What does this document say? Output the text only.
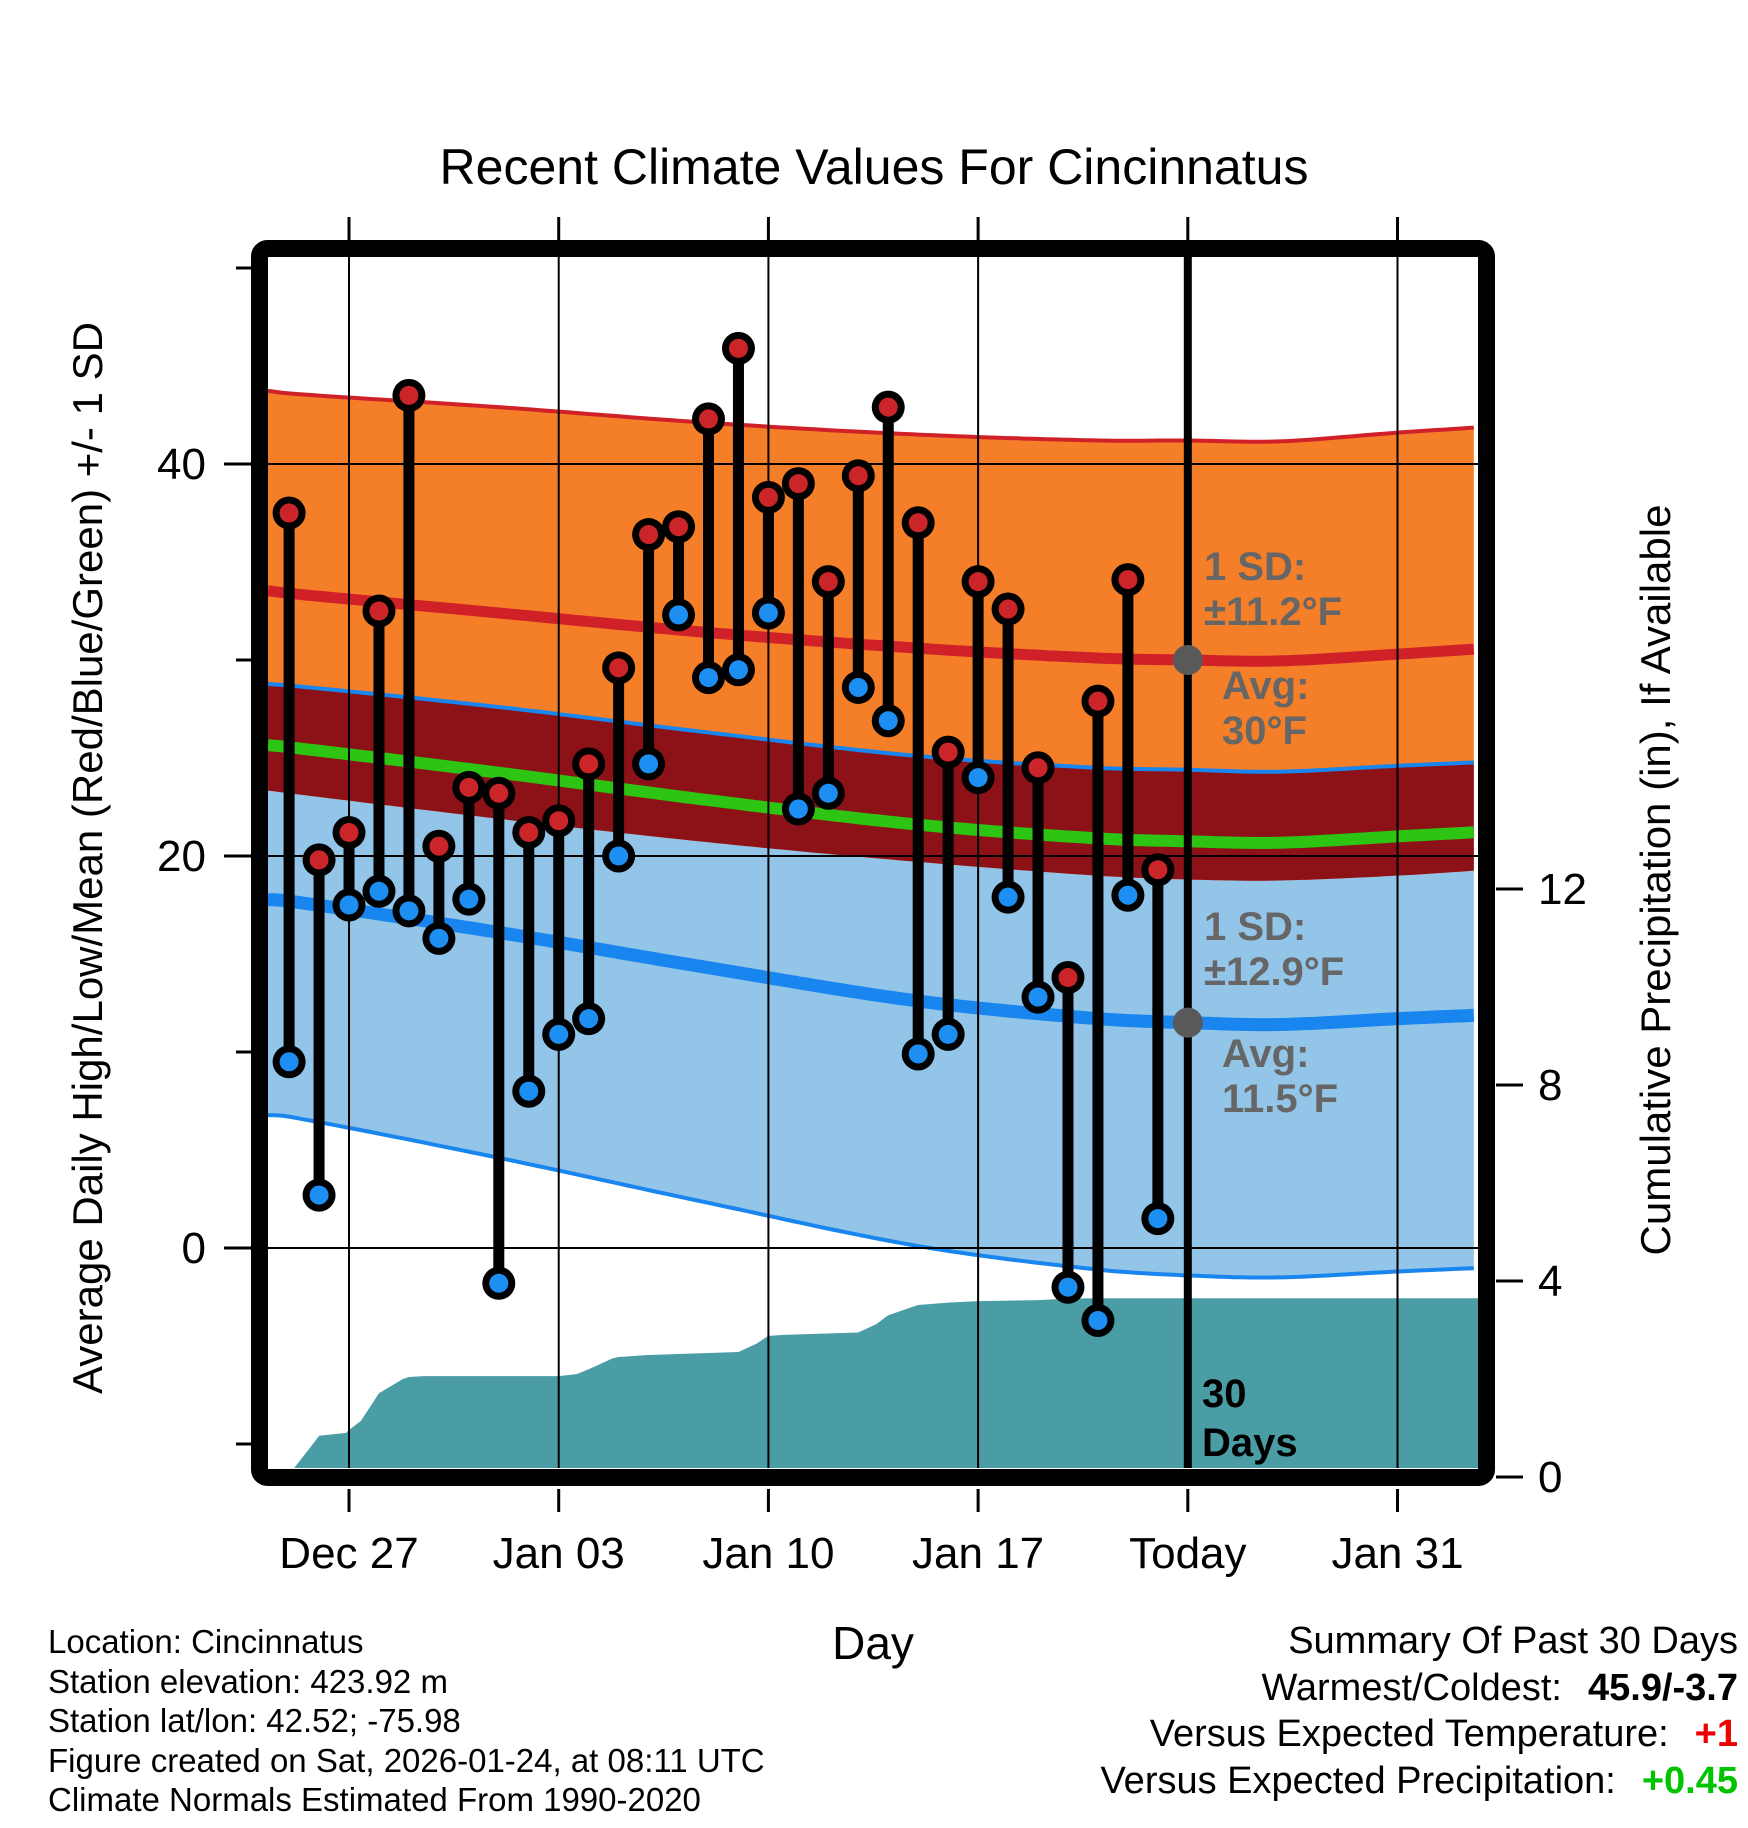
0
20
40
0
4
8
12
Dec 27 Jan 03 Jan 10 Jan 17 Today Jan 31
Recent Climate Values For Cincinnatus
Average Daily High/Low/Mean (Red/Blue/Green) +/- 1 SD	Cumulative Precipitation (in), If Available
Day
1 SD:
±11.2°F
Avg:
30°F
1 SD:
±12.9°F
Avg:
11.5°F
30
Days
Location: Cincinnatus
Station elevation: 423.92 m
Station lat/lon: 42.52; -75.98
Figure created on Sat, 2026-01-24, at 08:11 UTC
Climate Normals Estimated From 1990-2020
Summary Of Past 30 Days
Warmest/Coldest: 45.9/-3.7
Versus Expected Temperature: +1
Versus Expected Precipitation: +0.45
